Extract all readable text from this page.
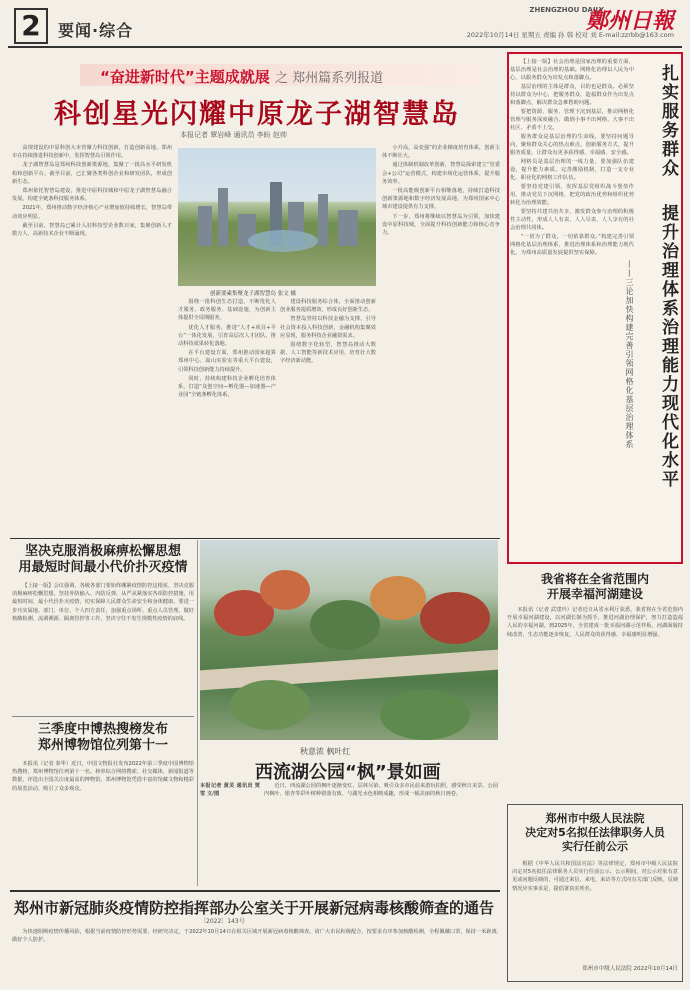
2	要闻·综合
ZHENGZHOU DAILY
鄭州日報
2022年10月14日 星期五 责编 孙 韩 校对 刘 E-mail:zzrbb@163.com
“奋进新时代”主题成就展 之 郑州篇系列报道
科创星光闪耀中原龙子湖智慧岛
本报记者 覃岩峰 通讯员 李盼 赵帅

高规建设的中原科创大本营聚力科技创新，打造创新高地。郑州市在持续推进科技创新中，发挥智慧岛引领作用。

龙子湖智慧岛是郑州科技创新策源地，集聚了一批高水平研发机构和创新平台。截至目前，已汇聚各类科创企业和研发团队，形成创新生态。

郑州依托智慧岛建设，推进中原科技城和中原龙子湖智慧岛融合发展，构建全链条科技服务体系。

2021年，郑州推动数字经济核心产业增加值持续增长，智慧岛带动效应明显。

截至目前，智慧岛已累计入驻科技型企业数百家，集聚创新人才数万人，高新技术企业不断涌现。

创新要素集聚龙子湖智慧岛 张文 摄

围绕一批科创生态打造，不断优化人才服务、政务服务、基础设施，为创新主体提供全周期服务。

优化人才服务，推进“人才+项目+平台”一体化发展，引育高层次人才团队，推动科技成果转化落地。

在平台建设方面，郑州推动国家超算郑州中心、嵩山实验室等重大平台建设，引领科技创新能力持续提升。

同时，持续构建科技企业孵化培育体系，打造“众创空间—孵化器—加速器—产业园”全链条孵化体系。

建设科技服务综合体，全面推动创新创业服务提质增效，形成良好创新生态。

智慧岛坚持以科技金融为支撑，引导社会资本投入科技创新，金融机构集聚效应显现，服务科技企业融资需求。

围绕数字化转型，智慧岛推动大数据、人工智能等新技术应用，培育壮大数字经济新动能。

小升高，高变强”的企业梯度培育体系，创新主体不断壮大。

通过体制机制改革创新，智慧岛探索建立“管委会+公司”运营模式，构建市场化运营体系，提升服务效率。

一批高能级创新平台相继落地，持续打造科技创新策源地和数字经济发展高地，为郑州国家中心城市建设提供有力支撑。

下一步，郑州将继续以智慧岛为引领，加快建设中原科技城，全面提升科技创新能力和核心竞争力。

扎实服务群众  提升治理体系治理能力现代化水平
——三论加快构建完善引领网格化基层治理体系

【上接一版】社会治理是国家治理的重要方面，基层治理是社会治理的基础。网格化治理以人民为中心，以服务群众为出发点和落脚点。

基层治理的主体是群众，目的也是群众。必须坚持以群众为中心，把服务群众、造福群众作为出发点和落脚点，解决群众急难愁盼问题。

要把资源、服务、管理下沉到基层，推动网格化管理与服务深度融合，做到小事不出网格、大事不出社区、矛盾不上交。

服务群众是基层治理的生命线。要坚持问题导向，聚焦群众关心的热点难点，创新服务方式，提升服务质量，让群众有更多获得感、幸福感、安全感。

网格员是基层治理的一线力量，要加强队伍建设，提升能力素质，完善激励机制，打造一支专业化、职业化的网格工作队伍。

要坚持党建引领，发挥基层党组织战斗堡垒作用，推动党员下沉网格，把党的政治优势和组织优势转化为治理效能。

要坚持共建共治共享，激发群众参与治理的积极性主动性，形成人人有责、人人尽责、人人享有的社会治理共同体。

“一切为了群众，一切依靠群众。”构建完善引领网格化基层治理体系，推进治理体系和治理能力现代化，为郑州高质量发展提供坚实保障。

坚决克服消极麻痹松懈思想
用最短时间最小代价扑灭疫情

【上接一版】会议强调，各级各部门要始终绷紧疫情防控这根弦，坚决克服消极麻痹松懈思想，坚持外防输入、内防反弹，从严从紧落实各项防控措施，用最短时间、最小代价扑灭疫情，切实保障人民群众生命安全和身体健康。要进一步压实属地、部门、单位、个人四方责任，加强重点场所、重点人员管理，做好核酸检测、流调溯源、隔离管控等工作，坚决守住不发生规模性疫情的底线。

三季度中博热搜榜发布
郑州博物馆位列第十一

本报讯（记者 秦华）近日，中国文物报社发布2022年第三季度中国博物馆热搜榜，郑州博物馆位列第十一名。榜单综合网络搜索、社交媒体、新闻报道等数据，评选出全国关注度最高的博物馆。郑州博物馆凭借丰富的馆藏文物和精彩的展览活动，吸引了众多观众。

秋意浓 枫叶红
西流湖公园“枫”景如画

本报记者 黄灵 通讯员 贾雪 文/图

近日，西流湖公园的枫叶逐渐变红，层林尽染，吸引众多市民前来游玩拍照，感受秋日美景。公园内枫叶、银杏等彩叶树种错落有致，与湖光水色相映成趣，形成一幅美丽的秋日画卷。

我省将在全省范围内
开展幸福河湖建设

本报讯（记者 武建玲）记者近日从省水利厅获悉，我省将在全省范围内开展幸福河湖建设，以河湖长制为抓手，推进河湖治理保护，努力打造造福人民的幸福河湖。到2025年，全省建成一批幸福河湖示范样板，河湖面貌持续改善，生态功能逐步恢复，人民群众的获得感、幸福感明显增强。

郑州市中级人民法院
决定对5名拟任法律职务人员
实行任前公示

根据《中华人民共和国法官法》等法律规定，郑州市中级人民法院决定对5名拟任法律职务人员实行任前公示。公示期间，对公示对象有意见或问题反映的，可通过来信、来电、来访等方式向有关部门反映。反映情况应实事求是，提倡署真实姓名。

郑州市中级人民法院 2022年10月14日
郑州市新冠肺炎疫情防控指挥部办公室关于开展新冠病毒核酸筛查的通告
〔2022〕143号

为快速阻断疫情传播风险，根据当前疫情防控形势需要，经研究决定，于2022年10月14日在相关区域开展新冠病毒核酸筛查。请广大市民积极配合，按要求有序参加核酸检测，全程佩戴口罩，保持一米距离，做好个人防护。
